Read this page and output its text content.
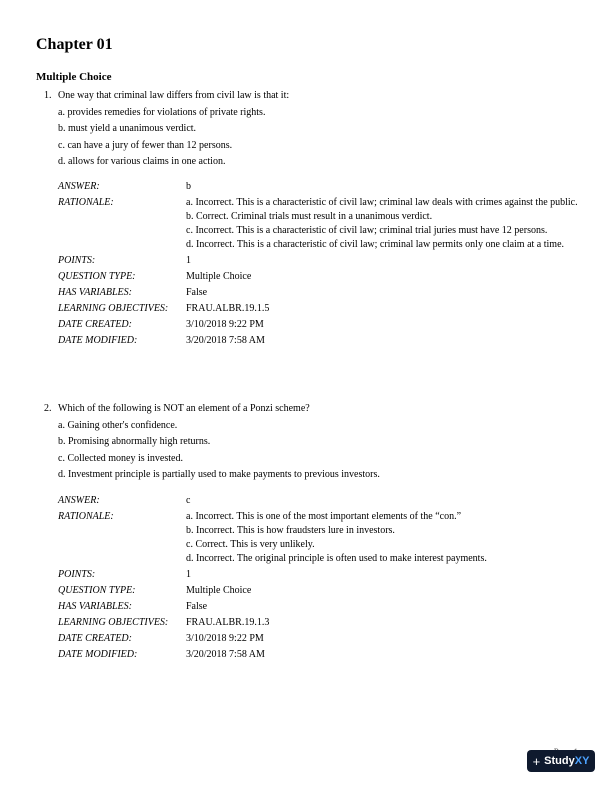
Chapter 01
Multiple Choice
1. One way that criminal law differs from civil law is that it:
a. provides remedies for violations of private rights.
b. must yield a unanimous verdict.
c. can have a jury of fewer than 12 persons.
d. allows for various claims in one action.
ANSWER:	b
RATIONALE:	a. Incorrect. This is a characteristic of civil law; criminal law deals with crimes against the public.
b. Correct. Criminal trials must result in a unanimous verdict.
c. Incorrect. This is a characteristic of civil law; criminal trial juries must have 12 persons.
d. Incorrect. This is a characteristic of civil law; criminal law permits only one claim at a time.
POINTS:	1
QUESTION TYPE:	Multiple Choice
HAS VARIABLES:	False
LEARNING OBJECTIVES:	FRAU.ALBR.19.1.5
DATE CREATED:	3/10/2018 9:22 PM
DATE MODIFIED:	3/20/2018 7:58 AM
2. Which of the following is NOT an element of a Ponzi scheme?
a. Gaining other's confidence.
b. Promising abnormally high returns.
c. Collected money is invested.
d. Investment principle is partially used to make payments to previous investors.
ANSWER:	c
RATIONALE:	a. Incorrect. This is one of the most important elements of the “con.”
b. Incorrect. This is how fraudsters lure in investors.
c. Correct. This is very unlikely.
d. Incorrect. The original principle is often used to make interest payments.
POINTS:	1
QUESTION TYPE:	Multiple Choice
HAS VARIABLES:	False
LEARNING OBJECTIVES:	FRAU.ALBR.19.1.3
DATE CREATED:	3/10/2018 9:22 PM
DATE MODIFIED:	3/20/2018 7:58 AM
+ StudyXY
